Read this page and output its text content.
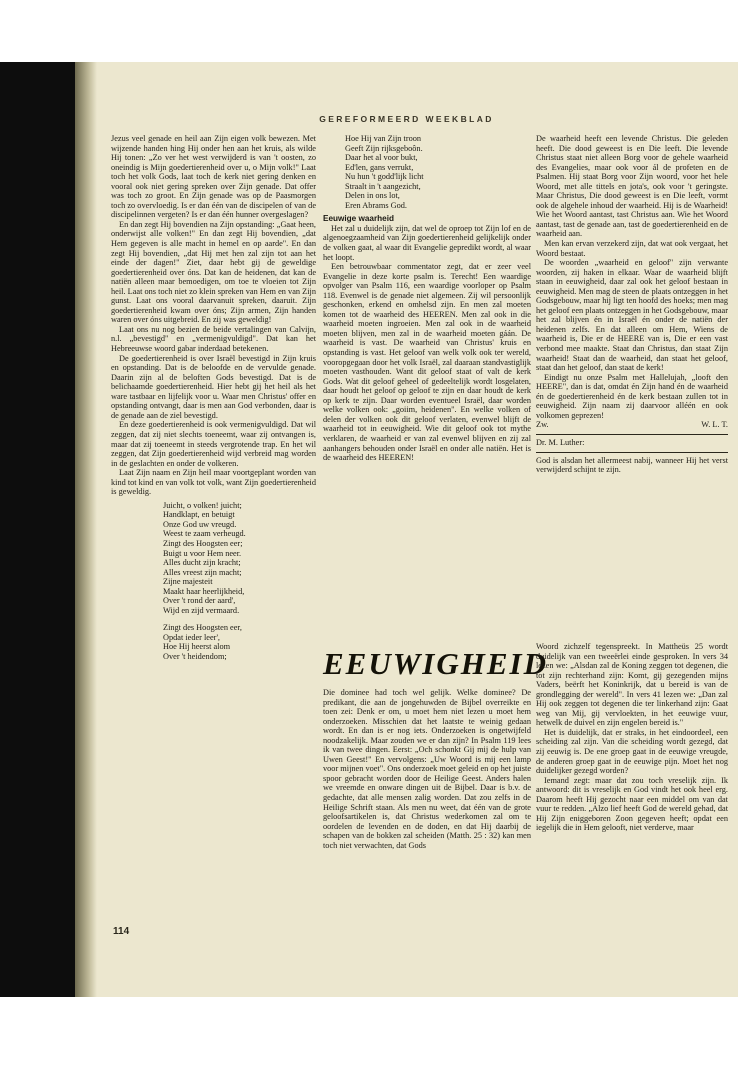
GEREFORMEERD WEEKBLAD

Jezus veel genade en heil aan Zijn eigen volk bewezen. Met wijzende handen hing Hij onder hen aan het kruis, als wilde Hij tonen: „Zo ver het west verwijderd is van 't oosten, zo oneindig is Mijn goedertierenheid over u, o Mijn volk!" Laat toch het volk Gods, laat toch de kerk niet gering denken en vooral ook niet gering spreken over Zijn genade. Dat offer was toch zo groot. En Zijn genade was op de Paasmorgen toch zo overvloedig. Is er dan één van de discipelen of van de discipelinnen vergeten? Is er dan één hunner overgeslagen?

En dan zegt Hij bovendien na Zijn opstanding: „Gaat heen, onderwijst alle volken!" En dan zegt Hij bovendien, „dat Hem gegeven is alle macht in hemel en op aarde". En dan zegt Hij bovendien, „dat Hij met hen zal zijn tot aan het einde der dagen!" Ziet, daar hebt gij de geweldige goedertierenheid over óns. Dat kan de heidenen, dat kan de natiën alleen maar bemoedigen, om toe te vloeien tot Zijn heil. Laat ons toch niet zo klein spreken van Hem en van Zijn gunst. Laat ons vooral daarvanuit spreken, daaruit. Zijn goedertierenheid kwam over óns; Zijn armen, Zijn handen waren over óns uitgebreid. En zij was geweldig!

Laat ons nu nog bezien de beide vertalingen van Calvijn, n.l. „bevestigd" en „vermenigvuldigd". Dat kan het Hebreeuwse woord gabar inderdaad betekenen.

De goedertierenheid is over Israël bevestigd in Zijn kruis en opstanding. Dat is de beloofde en de vervulde genade. Daarin zijn al de beloften Gods bevestigd. Dat is de belichaamde goedertierenheid. Hier hebt gij het heil als het ware tastbaar en lijfelijk voor u. Waar men Christus' offer en opstanding ontvangt, daar is men aan God verbonden, daar is de genade aan de ziel bevestigd.

En deze goedertierenheid is ook vermenigvuldigd. Dat wil zeggen, dat zij niet slechts toeneemt, waar zij ontvangen is, maar dat zij toeneemt in steeds vergrotende trap. En het wil zeggen, dat Zijn goedertierenheid wijd verbreid mag worden in de geslachten en onder de volkeren.

Laat Zijn naam en Zijn heil maar voortgeplant worden van kind tot kind en van volk tot volk, want Zijn goedertierenheid is geweldig.

Juicht, o volken! juicht;
Handklapt, en betuigt
Onze God uw vreugd.
Weest te zaam verheugd.
Zingt des Hoogsten eer;
Buigt u voor Hem neer.
Alles ducht zijn kracht;
Alles vreest zijn macht;
Zijne majesteit
Maakt haar heerlijkheid,
Over 't rond der aard',
Wijd en zijd vermaard.
Zingt des Hoogsten eer,
Opdat ieder leer',
Hoe Hij heerst alom
Over 't heidendom;
Hoe Hij van Zijn troon
Geeft Zijn rijksgeboôn.
Daar het al voor bukt,
Ed'len, gans verrukt,
Nu hun 't godd'lijk licht
Straalt in 't aangezicht,
Delen in ons lot,
Eren Abrams God.

Eeuwige waarheid

Het zal u duidelijk zijn, dat wel de oproep tot Zijn lof en de algenoegzaamheid van Zijn goedertierenheid gelijkelijk onder de volken gaat, al waar dit Evangelie gepredikt wordt, al waar het loopt.

Een betrouwbaar commentator zegt, dat er zeer veel Evangelie in deze korte psalm is. Terecht! Een waardige opvolger van Psalm 116, een waardige voorloper op Psalm 118. Evenwel is de genade niet algemeen. Zij wil persoonlijk geschonken, erkend en omhelsd zijn. En men zal moeten komen tot de waarheid des HEEREN. Men zal ook in die waarheid moeten ingroeien. Men zal ook in de waarheid moeten blijven, men zal in de waarheid moeten gáán. De waarheid is vast. De waarheid van Christus' kruis en opstanding is vast. Het geloof van welk volk ook ter wereld, vooropgegaan door het volk Israël, zal daaraan standvastiglijk moeten vasthouden. Want dit geloof staat of valt de kerk Gods. Wat dit geloof geheel of gedeeltelijk wordt losgelaten, daar houdt het geloof op geloof te zijn en daar houdt de kerk op kerk te zijn. Daar worden eventueel Israël, daar worden welke volken ook: „goiim, heidenen". En welke volken of delen der volken ook dit geloof verlaten, evenwel blijft de waarheid tot in eeuwigheid. Wie dit geloof ook tot mythe verklaren, de waarheid er van zal evenwel blijven en zij zal aanhangers behouden onder Israël en onder alle natiën. Het is de waarheid des HEEREN!

De waarheid heeft een levende Christus. Die geleden heeft. Die dood geweest is en Die leeft. Die levende Christus staat niet alleen Borg voor de gehele waarheid des Evangelies, maar ook voor ál de profeten en de Psalmen. Hij staat Borg voor Zijn woord, voor het hele Woord, met alle tittels en jota's, ook voor 't geringste. Maar Christus, Die dood geweest is en Die leeft, vormt ook de algehele inhoud der waarheid. Hij is de Waarheid! Wie het Woord aantast, tast Christus aan. Wie het Woord aantast, tast de genade aan, tast de goedertierenheid en de waarheid aan.

Men kan ervan verzekerd zijn, dat wat ook vergaat, het Woord bestaat.

De woorden „waarheid en geloof" zijn verwante woorden, zij haken in elkaar. Waar de waarheid blijft staan in eeuwigheid, daar zal ook het geloof bestaan in eeuwigheid. Men mag de steen de plaats ontzeggen in het Godsgebouw, maar hij ligt ten hoofd des hoeks; men mag het geloof een plaats ontzeggen in het Godsgebouw, maar het zal blijven én in Israël én onder de natiën der heidenen zelfs. En dat alleen om Hem, Wiens de waarheid is, Die er de HEERE van is, Die er een vast verbond mee maakte. Staat dan Christus, dan staat Zijn waarheid! Staat dan de waarheid, dan staat het geloof, staat dan het geloof, dan staat de kerk!

Eindigt nu onze Psalm met Hallelujah, „looft den HEERE", dan is dat, omdat én Zijn hand én de waarheid én de goedertierenheid én de kerk bestaan zullen tot in eeuwigheid. Zijn naam zij daarvoor alléén en ook volkomen geprezen!

Zw.	W. L. T.

Dr. M. Luther:

God is alsdan het allermeest nabij, wanneer Hij het verst verwijderd schijnt te zijn.

EEUWIGHEID

Die dominee had toch wel gelijk. Welke dominee? De predikant, die aan de jongehuwden de Bijbel overreikte en toen zei: Denk er om, u moet hem niet lezen u moet hem onderzoeken. Misschien dat het laatste te weinig gedaan wordt. En dan is er nog iets. Onderzoeken is ongetwijfeld noodzakelijk. Maar zouden we er dan zijn? In Psalm 119 lees ik van twee dingen. Eerst: „Och schonkt Gij mij de hulp van Uwen Geest!" En vervolgens: „Uw Woord is mij een lamp voor mijnen voet". Ons onderzoek moet geleid en op het juiste spoor gebracht worden door de Heilige Geest. Anders halen we vreemde en onware dingen uit de Bijbel. Daar is b.v. de gedachte, dat alle mensen zalig worden. Dat zou zelfs in de Heilige Schrift staan. Als men nu weet, dat één van de grote geloofsartikelen is, dat Christus wederkomen zal om te oordelen de levenden en de doden, en dat Hij daarbij de schapen van de bokken zal scheiden (Matth. 25 : 32) kan men toch niet verwachten, dat Gods

Woord zichzelf tegenspreekt. In Mattheüs 25 wordt duidelijk van een tweeërlei einde gesproken. In vers 34 lezen we: „Alsdan zal de Koning zeggen tot degenen, die tot zijn rechterhand zijn: Komt, gij gezegenden mijns Vaders, beërft het Koninkrijk, dat u bereid is van de grondlegging der wereld". In vers 41 lezen we: „Dan zal Hij ook zeggen tot degenen die ter linkerhand zijn: Gaat weg van Mij, gij vervloekten, in het eeuwige vuur, hetwelk de duivel en zijn engelen bereid is."

Het is duidelijk, dat er straks, in het eindoordeel, een scheiding zal zijn. Van die scheiding wordt gezegd, dat zij eeuwig is. De ene groep gaat in de eeuwige vreugde, de anderen groep gaat in de eeuwige pijn. Moet het nog duidelijker gezegd worden?

Iemand zegt: maar dat zou toch vreselijk zijn. Ik antwoord: dit is vreselijk en God vindt het ook heel erg. Daarom heeft Hij gezocht naar een middel om van dat vuur te redden. „Alzo lief heeft God de wereld gehad, dat Hij Zijn eniggeboren Zoon gegeven heeft; opdat een iegelijk die in Hem gelooft, niet verderve, maar

114
